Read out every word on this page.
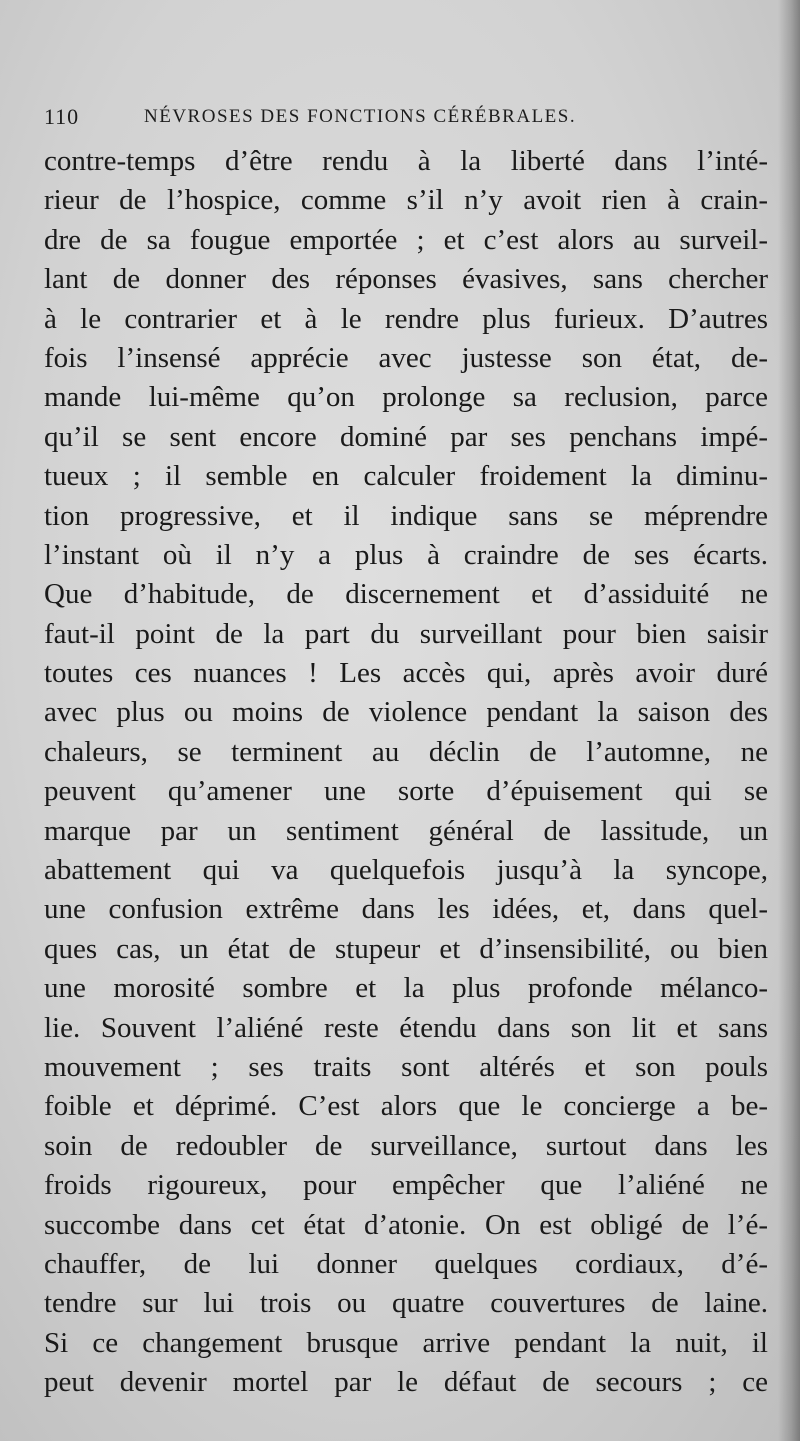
110	NÉVROSES DES FONCTIONS CÉRÉBRALES.
contre-temps d’être rendu à la liberté dans l’inté-
rieur de l’hospice, comme s’il n’y avoit rien à crain-
dre de sa fougue emportée ; et c’est alors au surveil-
lant de donner des réponses évasives, sans chercher
à le contrarier et à le rendre plus furieux. D’autres
fois l’insensé apprécie avec justesse son état, de-
mande lui-même qu’on prolonge sa reclusion, parce
qu’il se sent encore dominé par ses penchans impé-
tueux ; il semble en calculer froidement la diminu-
tion progressive, et il indique sans se méprendre
l’instant où il n’y a plus à craindre de ses écarts.
Que d’habitude, de discernement et d’assiduité ne
faut-il point de la part du surveillant pour bien saisir
toutes ces nuances ! Les accès qui, après avoir duré
avec plus ou moins de violence pendant la saison des
chaleurs, se terminent au déclin de l’automne, ne
peuvent qu’amener une sorte d’épuisement qui se
marque par un sentiment général de lassitude, un
abattement qui va quelquefois jusqu’à la syncope,
une confusion extrême dans les idées, et, dans quel-
ques cas, un état de stupeur et d’insensibilité, ou bien
une morosité sombre et la plus profonde mélanco-
lie. Souvent l’aliéné reste étendu dans son lit et sans
mouvement ; ses traits sont altérés et son pouls
foible et déprimé. C’est alors que le concierge a be-
soin de redoubler de surveillance, surtout dans les
froids rigoureux, pour empêcher que l’aliéné ne
succombe dans cet état d’atonie. On est obligé de l’é-
chauffer, de lui donner quelques cordiaux, d’é-
tendre sur lui trois ou quatre couvertures de laine.
Si ce changement brusque arrive pendant la nuit, il
peut devenir mortel par le défaut de secours ; ce
